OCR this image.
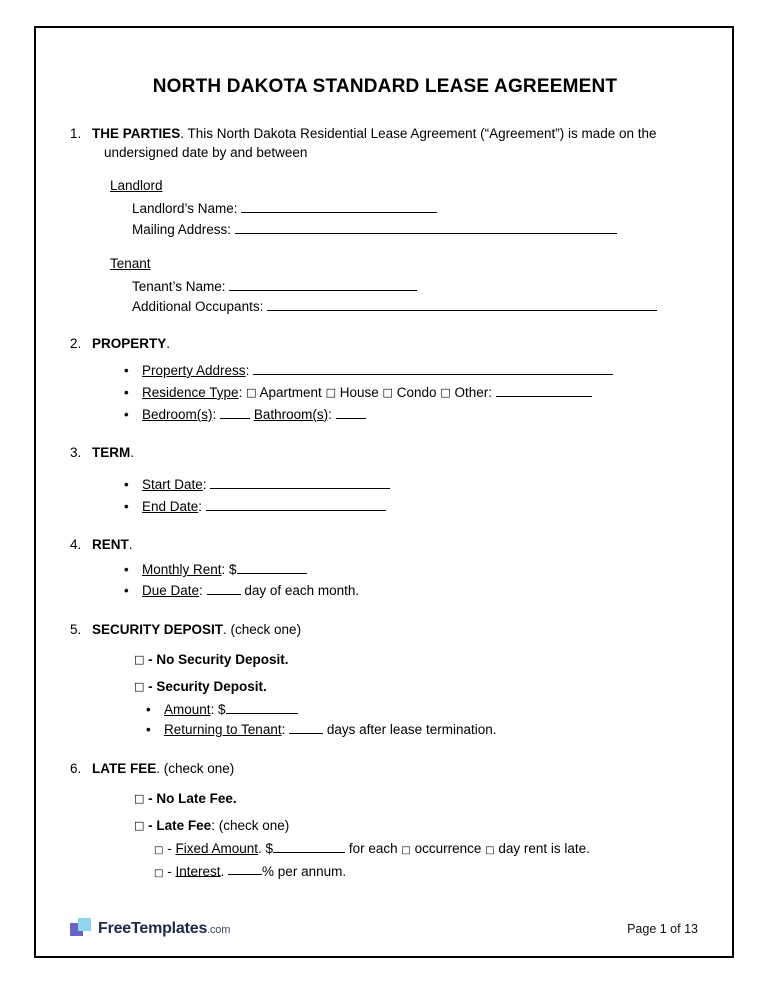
NORTH DAKOTA STANDARD LEASE AGREEMENT
1. THE PARTIES. This North Dakota Residential Lease Agreement (“Agreement”) is made on the undersigned date by and between
Landlord
Landlord’s Name:
Mailing Address:
Tenant
Tenant’s Name:
Additional Occupants:
2. PROPERTY.
• Property Address:
• Residence Type: □ Apartment □ House □ Condo □ Other:
• Bedroom(s):	Bathroom(s):
3. TERM.
• Start Date:
• End Date:
4. RENT.
• Monthly Rent: $
• Due Date:	day of each month.
5. SECURITY DEPOSIT. (check one)
□ - No Security Deposit.
□ - Security Deposit.
• Amount: $
• Returning to Tenant:	days after lease termination.
6. LATE FEE. (check one)
□ - No Late Fee.
□ - Late Fee: (check one)
□ - Fixed Amount. $	for each □ occurrence □ day rent is late.
□ - Interest.	% per annum.
FreeTemplates.com	Page 1 of 13
